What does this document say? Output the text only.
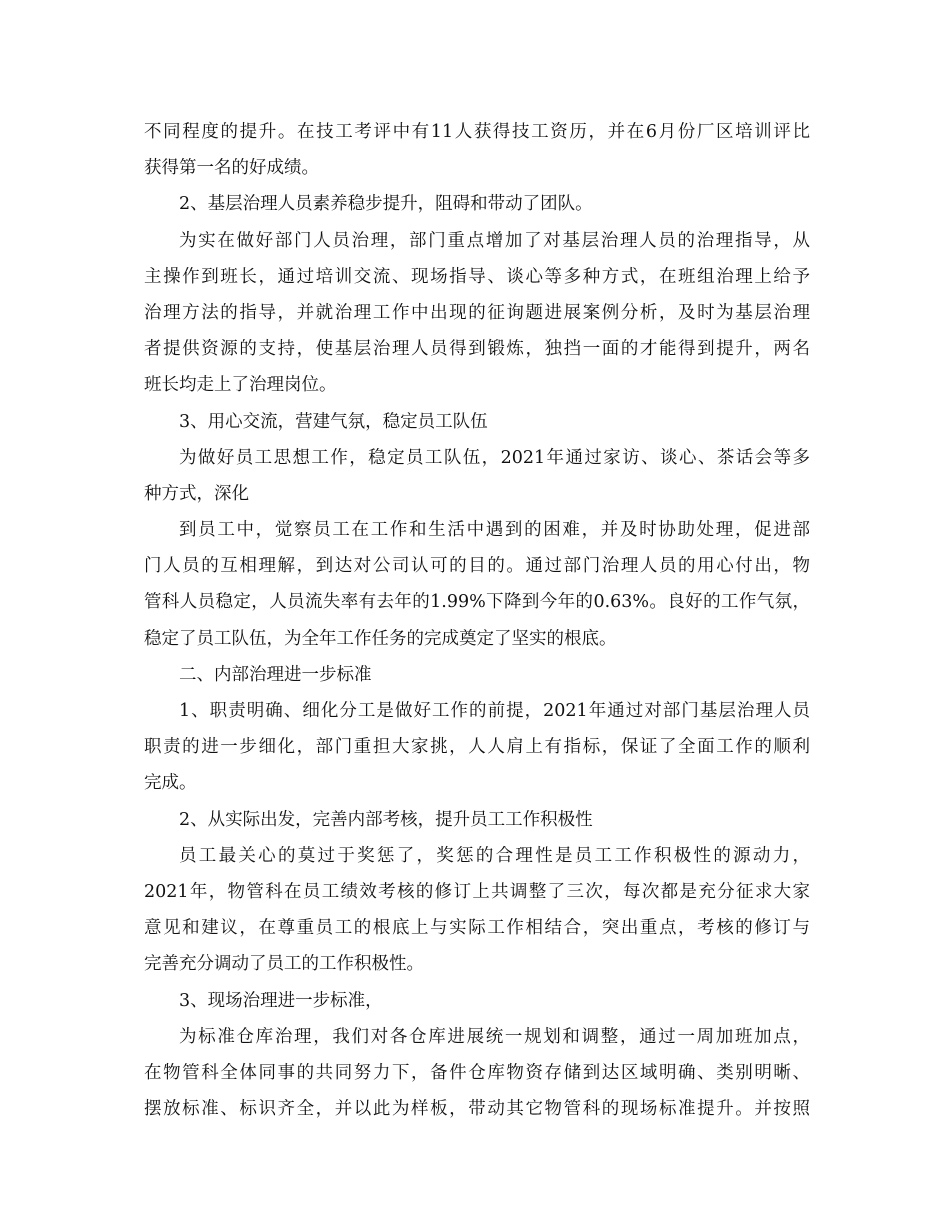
不同程度的提升。在技工考评中有11人获得技工资历，并在6月份厂区培训评比
获得第一名的好成绩。
2、基层治理人员素养稳步提升，阻碍和带动了团队。
为实在做好部门人员治理，部门重点增加了对基层治理人员的治理指导，从
主操作到班长，通过培训交流、现场指导、谈心等多种方式，在班组治理上给予
治理方法的指导，并就治理工作中出现的征询题进展案例分析，及时为基层治理
者提供资源的支持，使基层治理人员得到锻炼，独挡一面的才能得到提升，两名
班长均走上了治理岗位。
3、用心交流，营建气氛，稳定员工队伍
为做好员工思想工作，稳定员工队伍，2021年通过家访、谈心、茶话会等多
种方式，深化
到员工中，觉察员工在工作和生活中遇到的困难，并及时协助处理，促进部
门人员的互相理解，到达对公司认可的目的。通过部门治理人员的用心付出，物
管科人员稳定，人员流失率有去年的1.99%下降到今年的0.63%。良好的工作气氛，
稳定了员工队伍，为全年工作任务的完成奠定了坚实的根底。
二、内部治理进一步标准
1、职责明确、细化分工是做好工作的前提，2021年通过对部门基层治理人员
职责的进一步细化，部门重担大家挑，人人肩上有指标，保证了全面工作的顺利
完成。
2、从实际出发，完善内部考核，提升员工工作积极性
员工最关心的莫过于奖惩了，奖惩的合理性是员工工作积极性的源动力，
2021年，物管科在员工绩效考核的修订上共调整了三次，每次都是充分征求大家
意见和建议，在尊重员工的根底上与实际工作相结合，突出重点，考核的修订与
完善充分调动了员工的工作积极性。
3、现场治理进一步标准，
为标准仓库治理，我们对各仓库进展统一规划和调整，通过一周加班加点，
在物管科全体同事的共同努力下，备件仓库物资存储到达区域明确、类别明晰、
摆放标准、标识齐全，并以此为样板，带动其它物管科的现场标准提升。并按照
